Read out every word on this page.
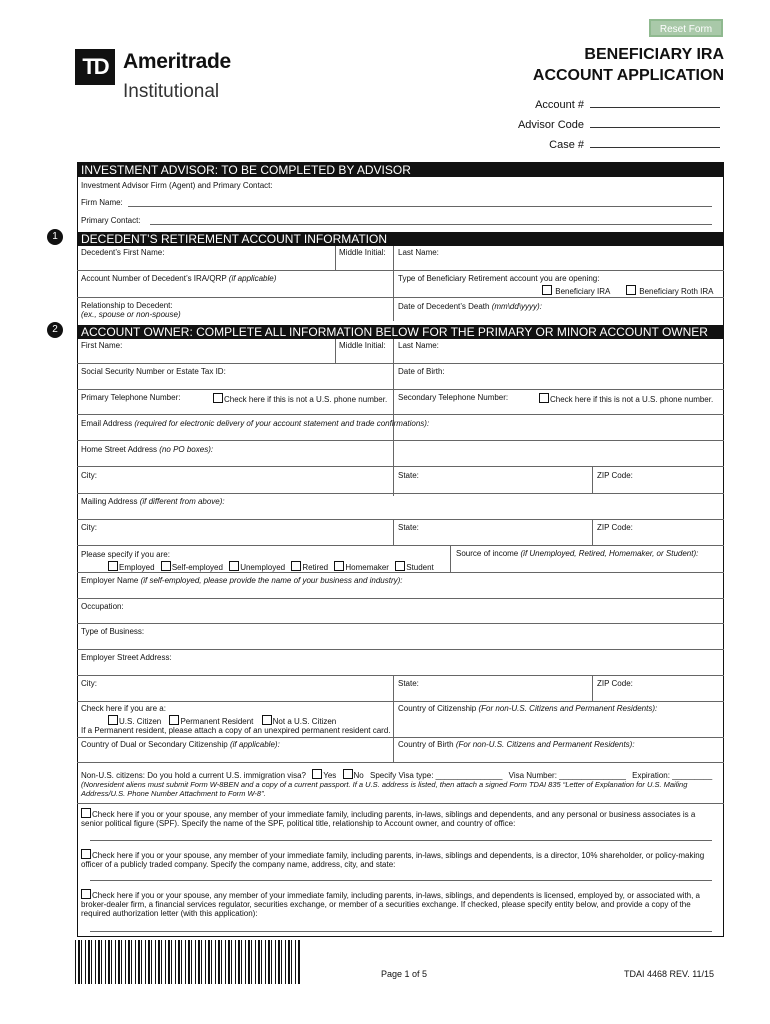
Reset Form
TD Ameritrade
Institutional
BENEFICIARY IRA
ACCOUNT APPLICATION
Account #
Advisor Code
Case #
INVESTMENT ADVISOR: TO BE COMPLETED BY ADVISOR
Investment Advisor Firm (Agent) and Primary Contact:
Firm Name:
Primary Contact:
1	DECEDENT’S RETIREMENT ACCOUNT INFORMATION
Decedent’s First Name:	Middle Initial: Last Name:
Account Number of Decedent’s IRA/QRP (if applicable)	Type of Beneficiary Retirement account you are opening:
Beneficiary IRA	Beneficiary Roth IRA
Relationship to Decedent:
(ex., spouse or non-spouse)
Date of Decedent’s Death (mm\dd\yyyy):
2	ACCOUNT OWNER: COMPLETE ALL INFORMATION BELOW FOR THE PRIMARY OR MINOR ACCOUNT OWNER
First Name:	Middle Initial: Last Name:
Social Security Number or Estate Tax ID:	Date of Birth:
Primary Telephone Number:	Check here if this is not a U.S. phone number. Secondary Telephone Number:	Check here if this is not a U.S. phone number.
Email Address (required for electronic delivery of your account statement and trade confirmations):
Home Street Address (no PO boxes):
City:	State:	ZIP Code:
Mailing Address (if different from above):
City:	State:	ZIP Code:
Please specify if you are:
Employed Self-employed Unemployed Retired Homemaker Student
Source of income (if Unemployed, Retired, Homemaker, or Student):
Employer Name (if self-employed, please provide the name of your business and industry):
Occupation:
Type of Business:
Employer Street Address:
City:	State:	ZIP Code:
Check here if you are a:
U.S. Citizen Permanent Resident Not a U.S. Citizen
If a Permanent resident, please attach a copy of an unexpired permanent resident card.
Country of Citizenship (For non-U.S. Citizens and Permanent Residents):
Country of Dual or Secondary Citizenship (if applicable):	Country of Birth (For non-U.S. Citizens and Permanent Residents):
Non-U.S. citizens: Do you hold a current U.S. immigration visa? Yes No Specify Visa type: _______________ Visa Number: _______________ Expiration: _________
(Nonresident aliens must submit Form W-8BEN and a copy of a current passport. If a U.S. address is listed, then attach a signed Form TDAI 835 “Letter of Explanation for U.S. Mailing Address/U.S. Phone Number Attachment to Form W-8”.
Check here if you or your spouse, any member of your immediate family, including parents, in-laws, siblings and dependents, and any personal or business associates is a senior political figure (SPF). Specify the name of the SPF, political title, relationship to Account owner, and country of office:
Check here if you or your spouse, any member of your immediate family, including parents, in-laws, siblings and dependents, is a director, 10% shareholder, or policy-making officer of a publicly traded company. Specify the company name, address, city, and state:
Check here if you or your spouse, any member of your immediate family, including parents, in-laws, siblings, and dependents is licensed, employed by, or associated with, a broker-dealer firm, a financial services regulator, securities exchange, or member of a securities exchange. If checked, please specify entity below, and provide a copy of the required authorization letter (with this application):
Page 1 of 5	TDAI 4468 REV. 11/15
